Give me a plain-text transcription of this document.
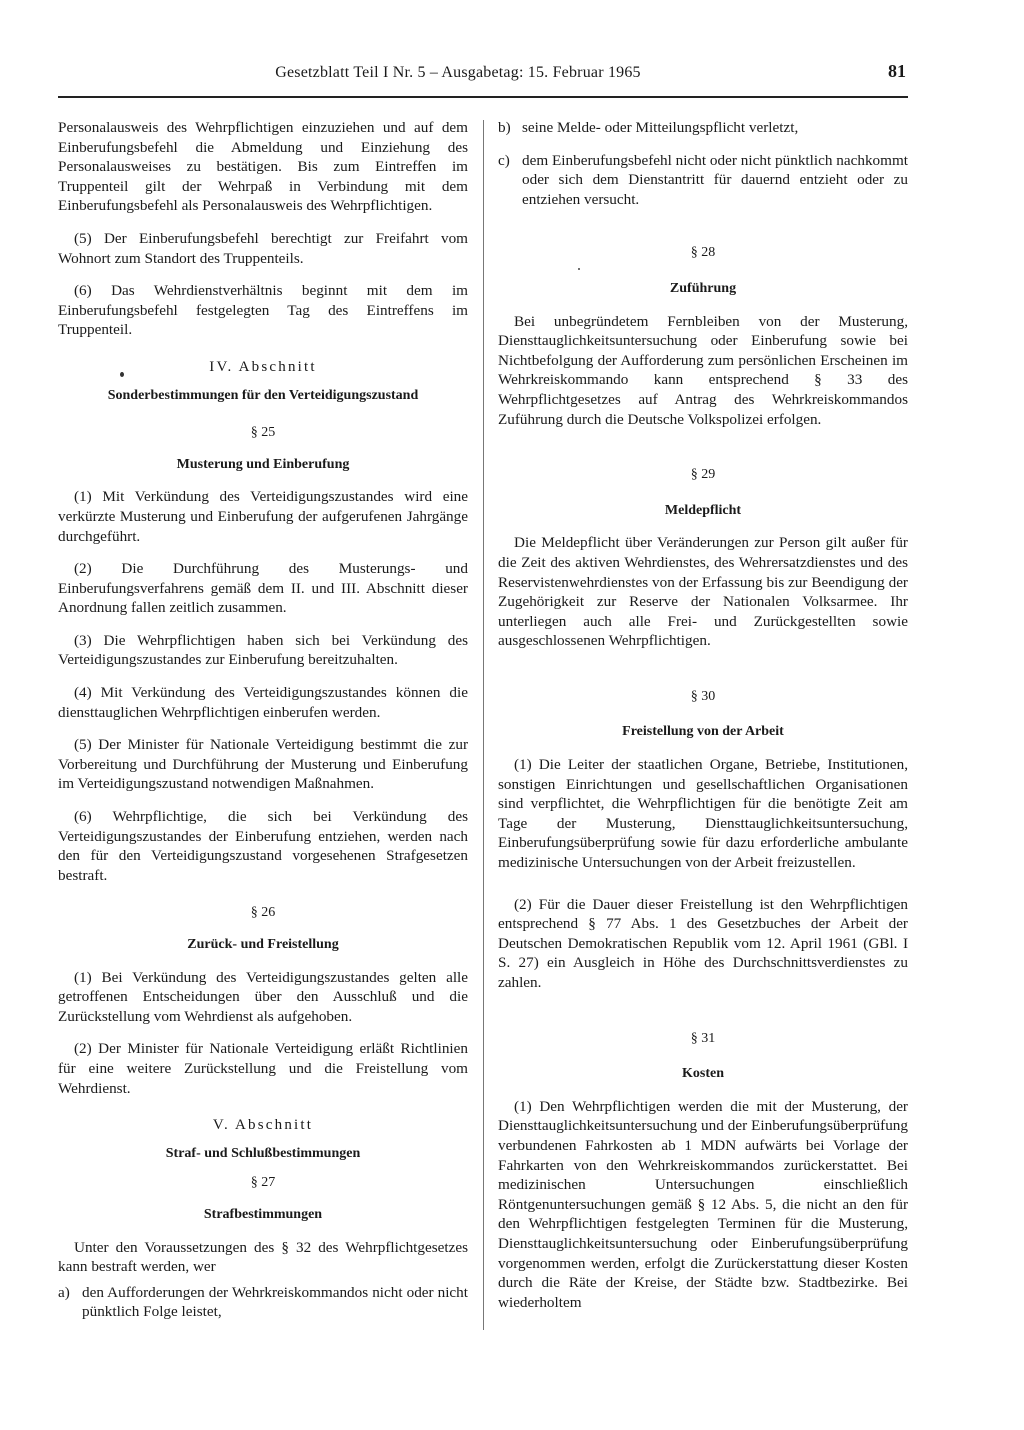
Gesetzblatt Teil I Nr. 5 – Ausgabetag: 15. Februar 1965	81

Personalausweis des Wehrpflichtigen einzuziehen und auf dem Einberufungsbefehl die Abmeldung und Einziehung des Personalausweises zu bestätigen. Bis zum Eintreffen im Truppenteil gilt der Wehrpaß in Verbindung mit dem Einberufungsbefehl als Personalausweis des Wehrpflichtigen.

(5) Der Einberufungsbefehl berechtigt zur Freifahrt vom Wohnort zum Standort des Truppenteils.

(6) Das Wehrdienstverhältnis beginnt mit dem im Einberufungsbefehl festgelegten Tag des Eintreffens im Truppenteil.

IV. Abschnitt
Sonderbestimmungen für den Verteidigungszustand
§ 25
Musterung und Einberufung

(1) Mit Verkündung des Verteidigungszustandes wird eine verkürzte Musterung und Einberufung der aufgerufenen Jahrgänge durchgeführt.

(2) Die Durchführung des Musterungs- und Einberufungsverfahrens gemäß dem II. und III. Abschnitt dieser Anordnung fallen zeitlich zusammen.

(3) Die Wehrpflichtigen haben sich bei Verkündung des Verteidigungszustandes zur Einberufung bereitzuhalten.

(4) Mit Verkündung des Verteidigungszustandes können die diensttauglichen Wehrpflichtigen einberufen werden.

(5) Der Minister für Nationale Verteidigung bestimmt die zur Vorbereitung und Durchführung der Musterung und Einberufung im Verteidigungszustand notwendigen Maßnahmen.

(6) Wehrpflichtige, die sich bei Verkündung des Verteidigungszustandes der Einberufung entziehen, werden nach den für den Verteidigungszustand vorgesehenen Strafgesetzen bestraft.

§ 26
Zurück- und Freistellung

(1) Bei Verkündung des Verteidigungszustandes gelten alle getroffenen Entscheidungen über den Ausschluß und die Zurückstellung vom Wehrdienst als aufgehoben.

(2) Der Minister für Nationale Verteidigung erläßt Richtlinien für eine weitere Zurückstellung und die Freistellung vom Wehrdienst.

V. Abschnitt
Straf- und Schlußbestimmungen
§ 27
Strafbestimmungen

Unter den Voraussetzungen des § 32 des Wehrpflichtgesetzes kann bestraft werden, wer

a) den Aufforderungen der Wehrkreiskommandos nicht oder nicht pünktlich Folge leistet,
b) seine Melde- oder Mitteilungspflicht verletzt,
c) dem Einberufungsbefehl nicht oder nicht pünktlich nachkommt oder sich dem Dienstantritt für dauernd entzieht oder zu entziehen versucht.
§ 28
Zuführung

Bei unbegründetem Fernbleiben von der Musterung, Diensttauglichkeitsuntersuchung oder Einberufung sowie bei Nichtbefolgung der Aufforderung zum persönlichen Erscheinen im Wehrkreiskommando kann entsprechend § 33 des Wehrpflichtgesetzes auf Antrag des Wehrkreiskommandos Zuführung durch die Deutsche Volkspolizei erfolgen.

§ 29
Meldepflicht

Die Meldepflicht über Veränderungen zur Person gilt außer für die Zeit des aktiven Wehrdienstes, des Wehrersatzdienstes und des Reservistenwehrdienstes von der Erfassung bis zur Beendigung der Zugehörigkeit zur Reserve der Nationalen Volksarmee. Ihr unterliegen auch alle Frei- und Zurückgestellten sowie ausgeschlossenen Wehrpflichtigen.

§ 30
Freistellung von der Arbeit

(1) Die Leiter der staatlichen Organe, Betriebe, Institutionen, sonstigen Einrichtungen und gesellschaftlichen Organisationen sind verpflichtet, die Wehrpflichtigen für die benötigte Zeit am Tage der Musterung, Diensttauglichkeitsuntersuchung, Einberufungsüberprüfung sowie für dazu erforderliche ambulante medizinische Untersuchungen von der Arbeit freizustellen.

(2) Für die Dauer dieser Freistellung ist den Wehrpflichtigen entsprechend § 77 Abs. 1 des Gesetzbuches der Arbeit der Deutschen Demokratischen Republik vom 12. April 1961 (GBl. I S. 27) ein Ausgleich in Höhe des Durchschnittsverdienstes zu zahlen.

§ 31
Kosten

(1) Den Wehrpflichtigen werden die mit der Musterung, der Diensttauglichkeitsuntersuchung und der Einberufungsüberprüfung verbundenen Fahrkosten ab 1 MDN aufwärts bei Vorlage der Fahrkarten von den Wehrkreiskommandos zurückerstattet. Bei medizinischen Untersuchungen einschließlich Röntgenuntersuchungen gemäß § 12 Abs. 5, die nicht an den für den Wehrpflichtigen festgelegten Terminen für die Musterung, Diensttauglichkeitsuntersuchung oder Einberufungsüberprüfung vorgenommen werden, erfolgt die Zurückerstattung dieser Kosten durch die Räte der Kreise, der Städte bzw. Stadtbezirke. Bei wiederholtem
